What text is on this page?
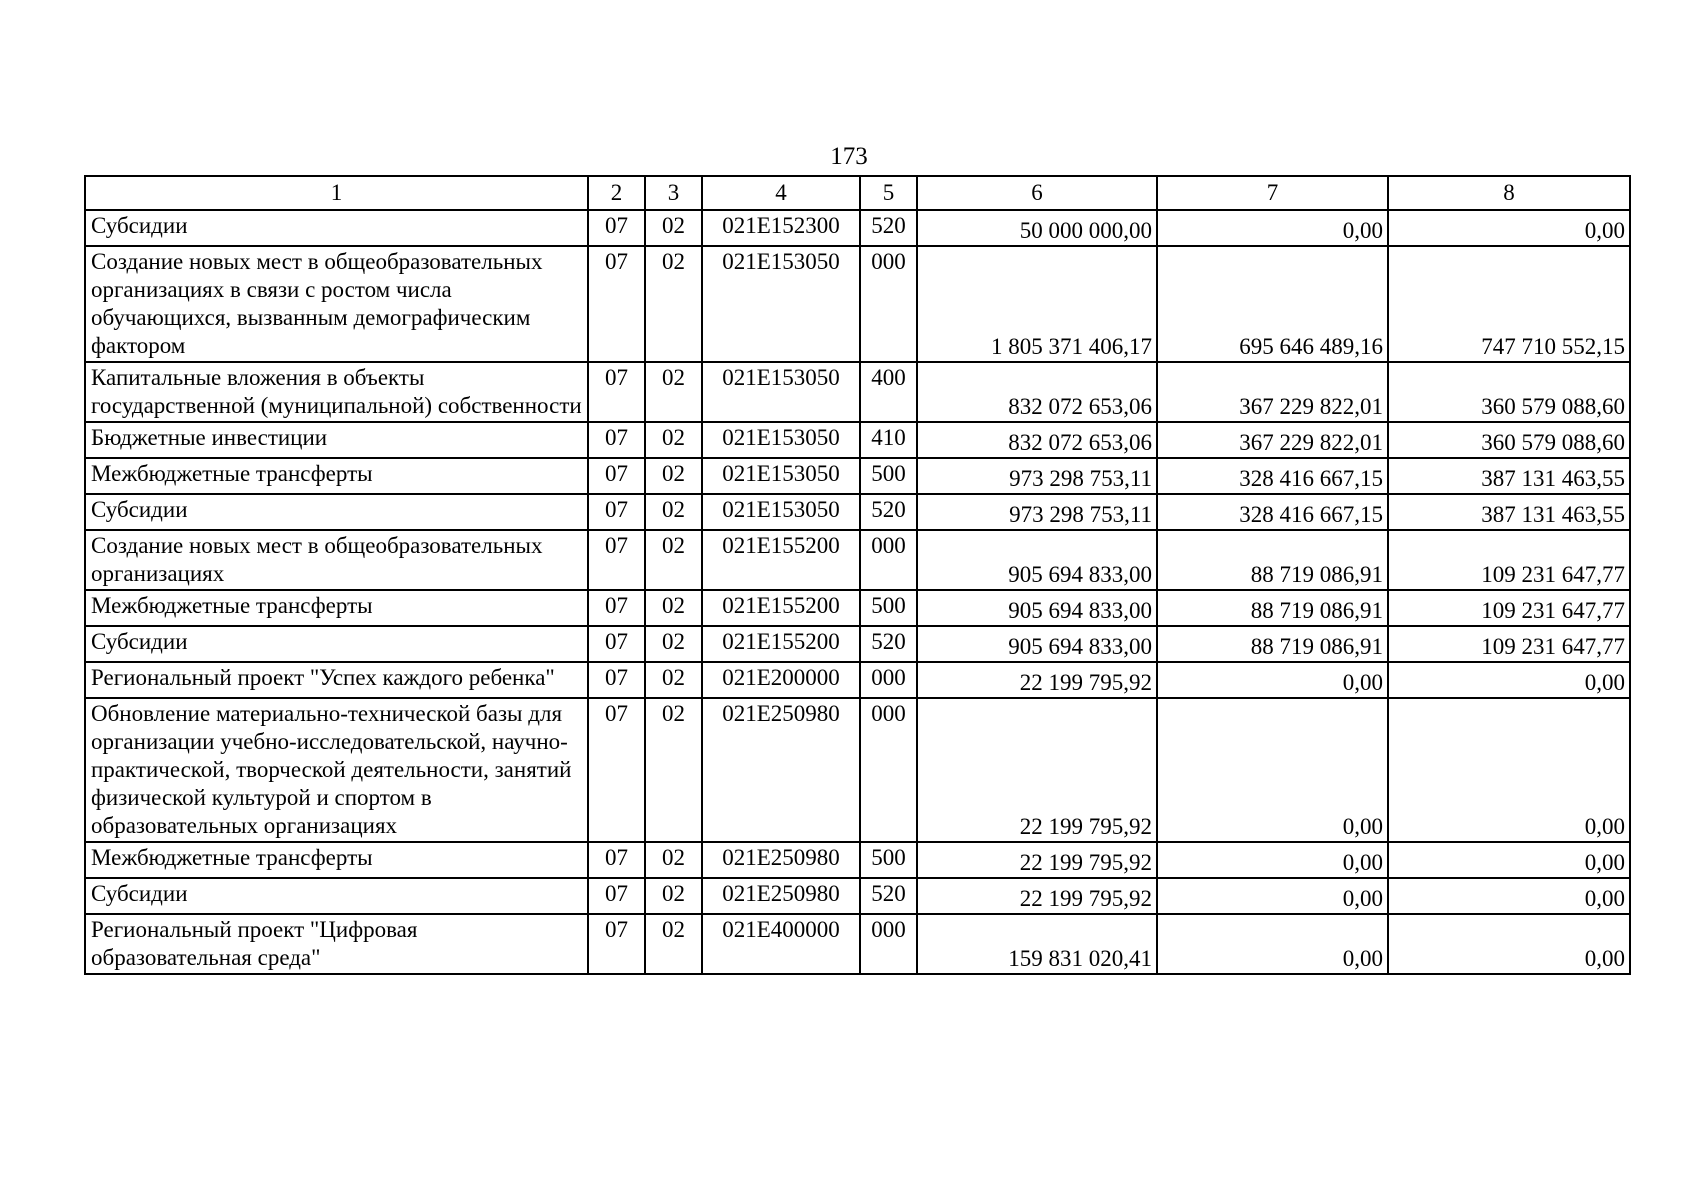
173
1	2	3	4	5	6	7	8
Субсидии	07	02	021E152300	520	50 000 000,00	0,00	0,00
Создание новых мест в общеобразовательных организациях в связи с ростом числа обучающихся, вызванным демографическим фактором	07	02	021E153050	000	1 805 371 406,17	695 646 489,16	747 710 552,15
Капитальные вложения в объекты государственной (муниципальной) собственности	07	02	021E153050	400	832 072 653,06	367 229 822,01	360 579 088,60
Бюджетные инвестиции	07	02	021E153050	410	832 072 653,06	367 229 822,01	360 579 088,60
Межбюджетные трансферты	07	02	021E153050	500	973 298 753,11	328 416 667,15	387 131 463,55
Субсидии	07	02	021E153050	520	973 298 753,11	328 416 667,15	387 131 463,55
Создание новых мест в общеобразовательных организациях	07	02	021E155200	000	905 694 833,00	88 719 086,91	109 231 647,77
Межбюджетные трансферты	07	02	021E155200	500	905 694 833,00	88 719 086,91	109 231 647,77
Субсидии	07	02	021E155200	520	905 694 833,00	88 719 086,91	109 231 647,77
Региональный проект "Успех каждого ребенка"	07	02	021E200000	000	22 199 795,92	0,00	0,00
Обновление материально-технической базы для организации учебно-исследовательской, научно-практической, творческой деятельности, занятий физической культурой и спортом в образовательных организациях	07	02	021E250980	000	22 199 795,92	0,00	0,00
Межбюджетные трансферты	07	02	021E250980	500	22 199 795,92	0,00	0,00
Субсидии	07	02	021E250980	520	22 199 795,92	0,00	0,00
Региональный проект "Цифровая образовательная среда"	07	02	021E400000	000	159 831 020,41	0,00	0,00
